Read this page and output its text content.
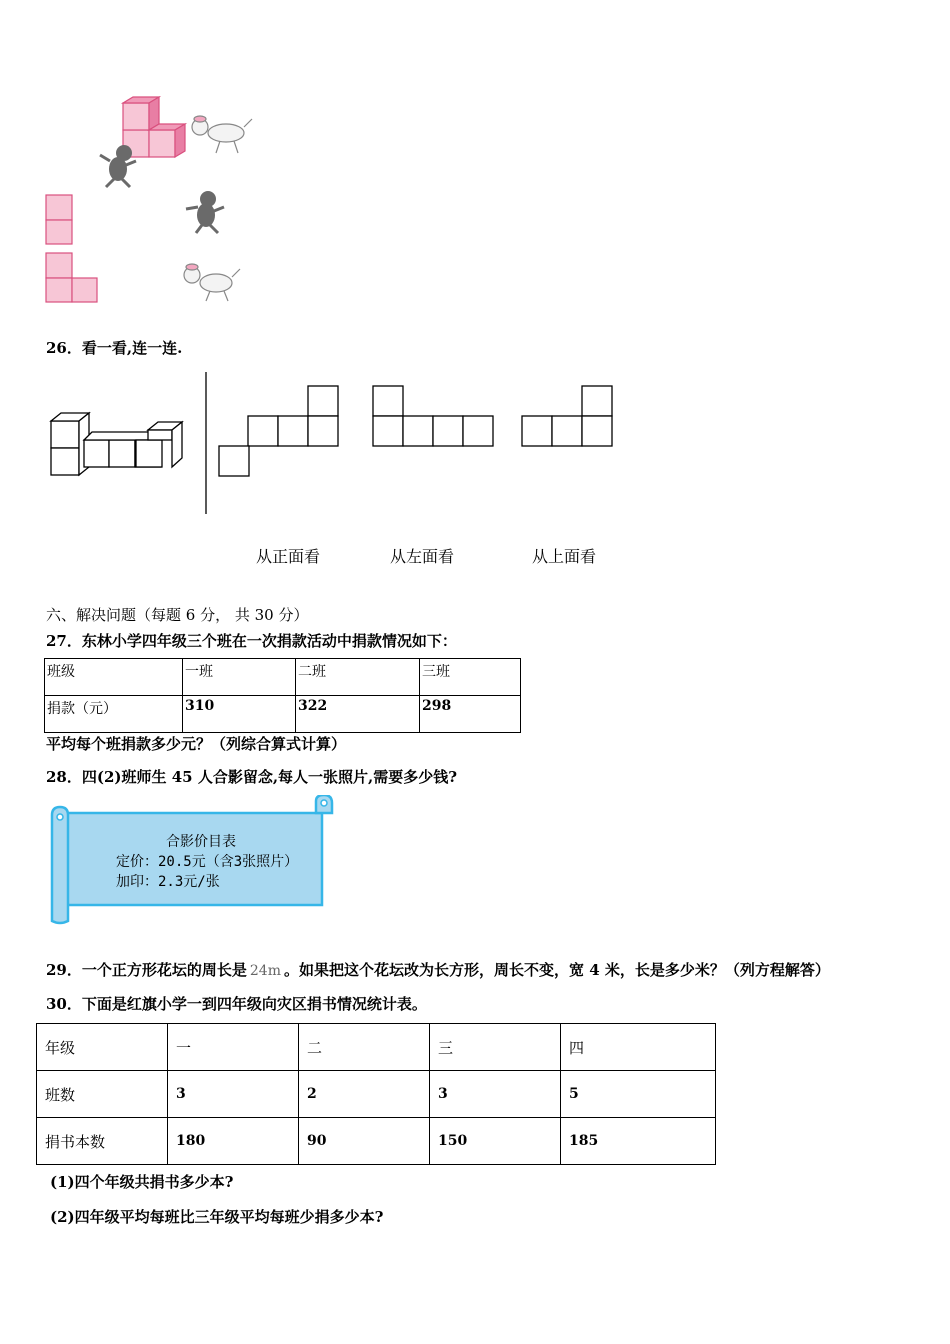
26．看一看,连一连.
从正面看	从左面看	从上面看
六、解决问题（每题 6 分， 共 30 分）
27．东林小学四年级三个班在一次捐款活动中捐款情况如下：
班级	一班	二班	三班
捐款（元）	310	322	298
平均每个班捐款多少元？（列综合算式计算）
28．四(2)班师生 45 人合影留念,每人一张照片,需要多少钱?
合影价目表
定价：20.5元（含3张照片）
加印：2.3元/张
29．一个正方形花坛的周长是 24m 。如果把这个花坛改为长方形，周长不变，宽 4 米，长是多少米？（列方程解答）
30．下面是红旗小学一到四年级向灾区捐书情况统计表。
年级	一	二	三	四
班数	3	2	3	5
捐书本数	180	90	150	185
(1)四个年级共捐书多少本?
(2)四年级平均每班比三年级平均每班少捐多少本?
